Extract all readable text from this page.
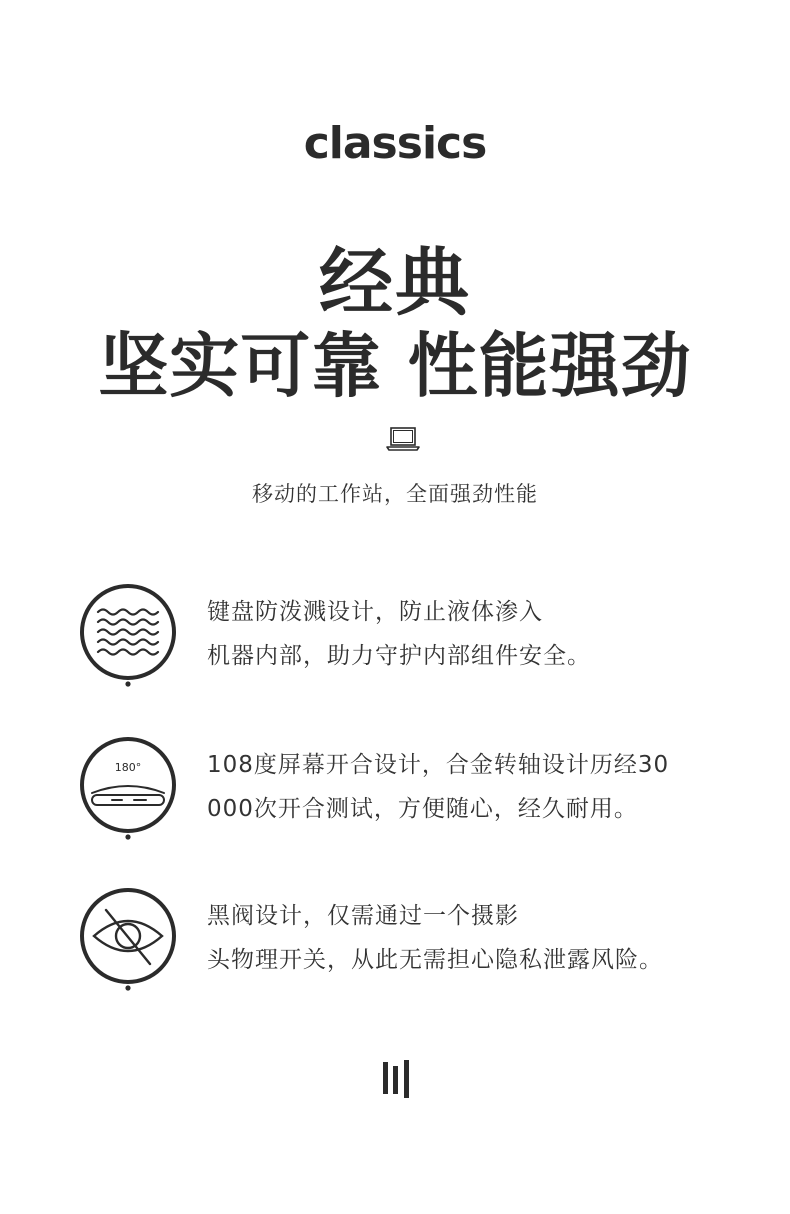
classics
经典
坚实可靠 性能强劲
移动的工作站，全面强劲性能
键盘防泼溅设计，防止液体渗入
机器内部，助力守护内部组件安全。
180°	108度屏幕开合设计，合金转轴设计历经30
000次开合测试，方便随心，经久耐用。
黑阀设计，仅需通过一个摄影
头物理开关，从此无需担心隐私泄露风险。
